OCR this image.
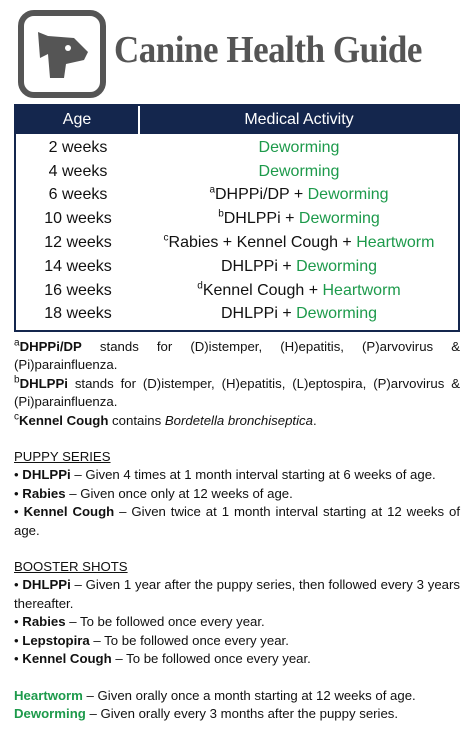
Canine Health Guide
Age	Medical Activity
2 weeks	Deworming
4 weeks	Deworming
6 weeks	$^a$DHPPi/DP + Deworming
10 weeks	$^b$DHLPPi + Deworming
12 weeks	$^c$Rabies + Kennel Cough + Heartworm
14 weeks	DHLPPi + Deworming
16 weeks	$^d$Kennel Cough + Heartworm
18 weeks	DHLPPi + Deworming

$^a$DHPPi/DP stands for (D)istemper, (H)epatitis, (P)arvovirus & (Pi)parainfluenza.

$^b$DHLPPi stands for (D)istemper, (H)epatitis, (L)eptospira, (P)arvovirus & (Pi)parainfluenza.

$^c$Kennel Cough contains Bordetella bronchiseptica.

PUPPY SERIES

• DHLPPi – Given 4 times at 1 month interval starting at 6 weeks of age.

• Rabies – Given once only at 12 weeks of age.

• Kennel Cough – Given twice at 1 month interval starting at 12 weeks of age.

BOOSTER SHOTS

• DHLPPi – Given 1 year after the puppy series, then followed every 3 years thereafter.

• Rabies – To be followed once every year.

• Lepstopira – To be followed once every year.

• Kennel Cough – To be followed once every year.

Heartworm – Given orally once a month starting at 12 weeks of age.

Deworming – Given orally every 3 months after the puppy series.
